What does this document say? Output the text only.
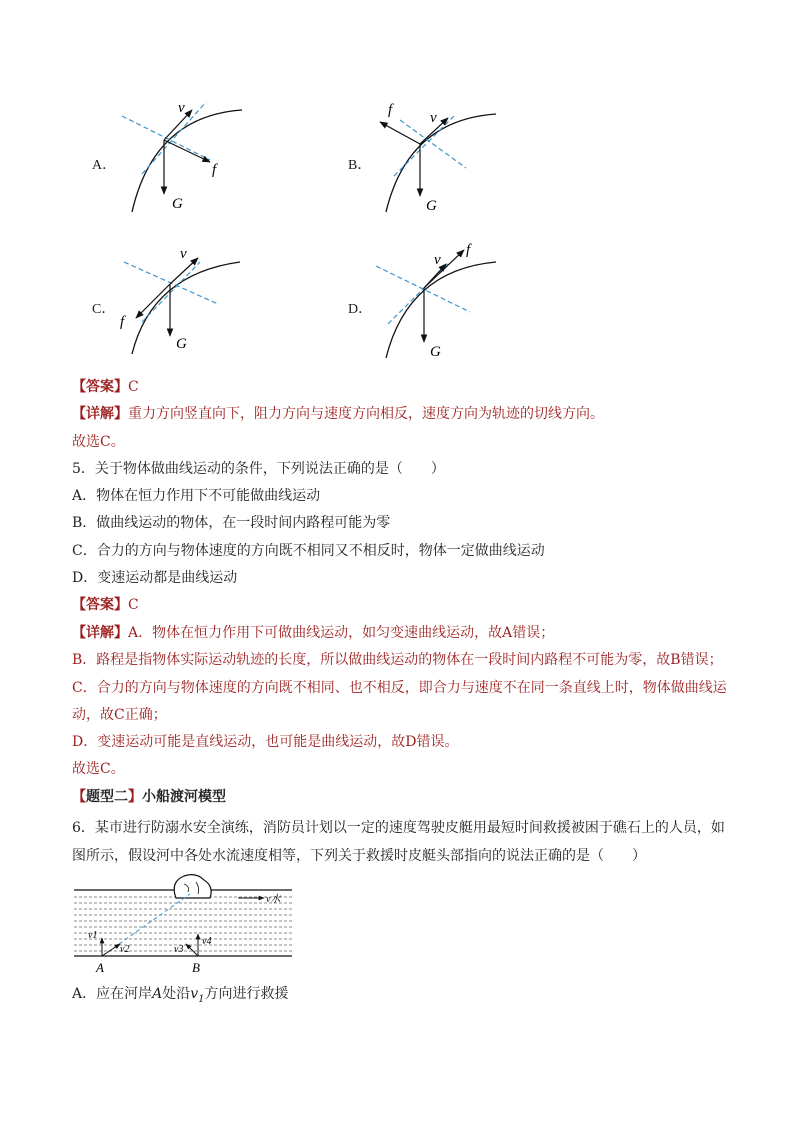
A．
v
f
G
B．
f	v
G
C．
v
f
G
D．
v
f
G
【答案】C
【详解】重力方向竖直向下，阻力方向与速度方向相反，速度方向为轨迹的切线方向。
故选C。
5．关于物体做曲线运动的条件，下列说法正确的是（　　）
A．物体在恒力作用下不可能做曲线运动
B．做曲线运动的物体，在一段时间内路程可能为零
C．合力的方向与物体速度的方向既不相同又不相反时，物体一定做曲线运动
D．变速运动都是曲线运动
【答案】C
【详解】A．物体在恒力作用下可做曲线运动，如匀变速曲线运动，故A错误；
B．路程是指物体实际运动轨迹的长度，所以做曲线运动的物体在一段时间内路程不可能为零，故B错误；
C．合力的方向与物体速度的方向既不相同、也不相反，即合力与速度不在同一条直线上时，物体做曲线运
动，故C正确；
D．变速运动可能是直线运动，也可能是曲线运动，故D错误。
故选C。
【题型二】小船渡河模型
6．某市进行防溺水安全演练，消防员计划以一定的速度驾驶皮艇用最短时间救援被困于礁石上的人员，如
图所示，假设河中各处水流速度相等，下列关于救援时皮艇头部指向的说法正确的是（　　）
v水
v1
v2	v3
v4
A	B
A．应在河岸A处沿$v_1$方向进行救援
